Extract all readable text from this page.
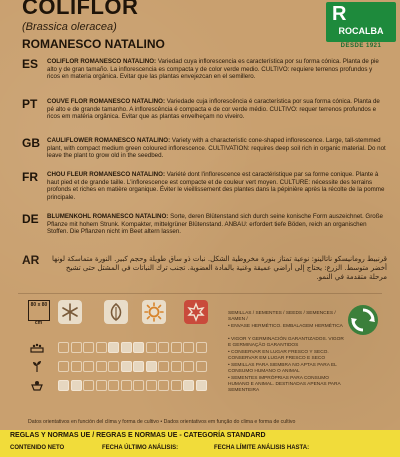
COLIFLOR
(Brassica oleracea)
ROMANESCO NATALINO
R
ROCALBA
DESDE 1921
ES COLIFLOR ROMANESCO NATALINO: Variedad cuya inflorescencia es característica por su forma cónica. Planta de pie alto y de gran tamaño. La inflorescencia es compacta y de color verde medio. CULTIVO: requiere terrenos profundos y ricos en materia orgánica. Evitar que las plantas envejezcan en el semillero.
PT COUVE FLOR ROMANESCO NATALINO: Variedade cuja inflorescência é característica por sua forma cónica. Planta de pé alto e de grande tamanho. A inflorescência é compacta e de cor verde médio. CULTIVO: requer terrenos profundos e ricos em matéria orgânica. Evitar que as plantas envelheçam no viveiro.
GB CAULIFLOWER ROMANESCO NATALINO: Variety with a characteristic cone-shaped inflorescence. Large, tall-stemmed plant, with compact medium green coloured inflorescence. CULTIVATION: requires deep soil rich in organic material. Do not leave the plant to grow old in the seedbed.
FR CHOU FLEUR ROMANESCO NATALINO: Variété dont l'inflorescence est caractéristique par sa forme conique. Plante à haut pied et de grande taille. L'inflorescence est compacte et de couleur vert moyen. CULTURE: nécessite des terrains profonds et riches en matière organique. Éviter le vieillissement des plantes dans la pépinière après la récolte de la pomme principale.
DE BLUMENKOHL ROMANESCO NATALINO: Sorte, deren Blütenstand sich durch seine konische Form auszeichnet. Große Pflanze mit hohem Strunk. Kompakter, mittelgrüner Blütenstand. ANBAU: erfordert tiefe Böden, reich an organischen Stoffen. Die Pflanzen nicht im Beet altern lassen.
AR	قرنبيط رومانيسكو ناتالينو: نوعية تمتاز بنورة مخروطية الشكل. نبات ذو ساق طويلة وحجم كبير. النورة متماسكة لونها أخضر متوسط. الزرع: يحتاج إلى أراضي عميقة وغنية بالمادة العضوية. تجنب ترك النباتات في المشتل حتى تشيخ مرحلة متقدمة في النمو.
80 x 80
cm
SEMILLAS / SEMENTES / SEEDS / SEMENCES / SAMEN /
• ENVASE HERMÉTICO. EMBALAGEM HERMÉTICA
• VIGOR Y GERMINACIÓN GARANTIZADOS. VIGOR E GERMINAÇÃO GARANTIDOS
• CONSERVAR EN LUGAR FRESCO Y SECO. CONSERVAR EM LUGAR FRESCO E SECO
• SEMILLAS PARA SIEMBRA NO APTAS PARA EL CONSUMO HUMANO O ANIMAL
• SEMENTES IMPRÓPRIAS PARA CONSUMO HUMANO E ANIMAL. DESTINADAS APENAS PARA SEMENTEIRA
Datos orientativos en función del clima y forma de cultivo • Dados orientativos em função do clima e forma de cultivo
REGLAS Y NORMAS UE / REGRAS E NORMAS UE - CATEGORÍA STANDARD
CONTENIDO NETO	FECHA ÚLTIMO ANÁLISIS:	FECHA LÍMITE ANÁLISIS HASTA:
